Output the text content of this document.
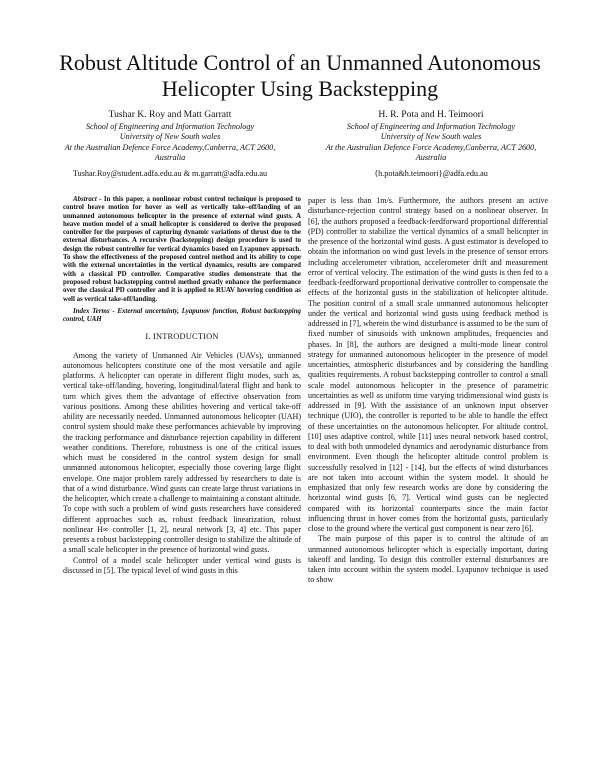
Robust Altitude Control of an Unmanned Autonomous Helicopter Using Backstepping
Tushar K. Roy and Matt Garratt
School of Engineering and Information Technology
University of New South wales
At the Australian Defence Force Academy,Canberra, ACT 2600, Australia
Tushar.Roy@student.adfa.edu.au & m.garratt@adfa.edu.au
H. R. Pota and H. Teimoori
School of Engineering and Information Technology
University of New South wales
At the Australian Defence Force Academy,Canberra, ACT 2600, Australia
{h.pota&h.teimoori}@adfa.edu.au

Abstract - In this paper, a nonlinear robust control technique is proposed to control heave motion for hover as well as vertically take–off/landing of an unmanned autonomous helicopter in the presence of external wind gusts. A heave motion model of a small helicopter is considered to derive the proposed controller for the purposes of capturing dynamic variations of thrust due to the external disturbances. A recursive (backstepping) design procedure is used to design the robust controller for vertical dynamics based on Lyapunov approach. To show the effectiveness of the proposed control method and its ability to cope with the external uncertainties in the vertical dynamics, results are compared with a classical PD controller. Comparative studies demonstrate that the proposed robust backstepping control method greatly enhance the performance over the classical PD controller and it is applied to RUAV hovering condition as well as vertical take-off/landing.

Index Terms - External uncertainty, Lyapunov function, Robust backstepping control, UAH

I. INTRODUCTION

Among the variety of Unmanned Air Vehicles (UAVs), unmanned autonomous helicopters constitute one of the most versatile and agile platforms. A helicopter can operate in different flight modes, such as, vertical take-off/landing, hovering, longitudinal/lateral flight and bank to turn which gives them the advantage of effective observation from various positions. Among these abilities hovering and vertical take-off ability are necessarily needed. Unmanned autonomous helicopter (UAH) control system should make these performances achievable by improving the tracking performance and disturbance rejection capability in different weather conditions. Therefore, robustness is one of the critical issues which must be considered in the control system design for small unmanned autonomous helicopter, especially those covering large flight envelope. One major problem rarely addressed by researchers to date is that of a wind disturbance. Wind gusts can create large thrust variations in the helicopter, which create a challenge to maintaining a constant altitude. To cope with such a problem of wind gusts researchers have considered different approaches such as, robust feedback linearization, robust nonlinear H∞ controller [1, 2], neural network [3, 4] etc. This paper presents a robust backstepping controller design to stabilize the altitude of a small scale helicopter in the presence of horizontal wind gusts.

Control of a model scale helicopter under vertical wind gusts is discussed in [5]. The typical level of wind gusts in this

paper is less than 1m/s. Furthermore, the authors present an active disturbance-rejection control strategy based on a nonlinear observer. In [6], the authors proposed a feedback-feedforward proportional differential (PD) controller to stabilize the vertical dynamics of a small helicopter in the presence of the horizontal wind gusts. A gust estimator is developed to obtain the information on wind gust levels in the presence of sensor errors including accelerometer vibration, accelerometer drift and measurement error of vertical velocity. The estimation of the wind gusts is then fed to a feedback-feedforward proportional derivative controller to compensate the effects of the horizontal gusts in the stabilization of helicopter altitude. The position control of a small scale unmanned autonomous helicopter under the vertical and horizontal wind gusts using feedback method is addressed in [7], wherein the wind disturbance is assumed to be the sum of fixed number of sinusoids with unknown amplitudes, frequencies and phases. In [8], the authors are designed a multi-mode linear control strategy for unmanned autonomous helicopter in the presence of model uncertainties, atmospheric disturbances and by considering the handling qualities requirements. A robust backstepping controller to control a small scale model autonomous helicopter in the presence of parametric uncertainties as well as uniform time varying tridimensional wind gusts is addressed in [9]. With the assistance of an unknown input observer technique (UIO), the controller is reported to be able to handle the effect of these uncertainties on the autonomous helicopter. For altitude control, [10] uses adaptive control, while [11] uses neural network based control, to deal with both unmodeled dynamics and aerodynamic disturbance from environment. Even though the helicopter altitude control problem is successfully resolved in [12] - [14], but the effects of wind disturbances are not taken into account within the system model. It should be emphasized that only few research works are done by considering the horizontal wind gusts [6, 7]. Vertical wind gusts can be neglected compared with its horizontal counterparts since the main factor influencing thrust in hover comes from the horizontal gusts, particularly close to the ground where the vertical gust component is near zero [6].

The main purpose of this paper is to control the altitude of an unmanned autonomous helicopter which is especially important, during takeoff and landing. To design this controller external disturbances are taken into account within the system model. Lyapunov technique is used to show
